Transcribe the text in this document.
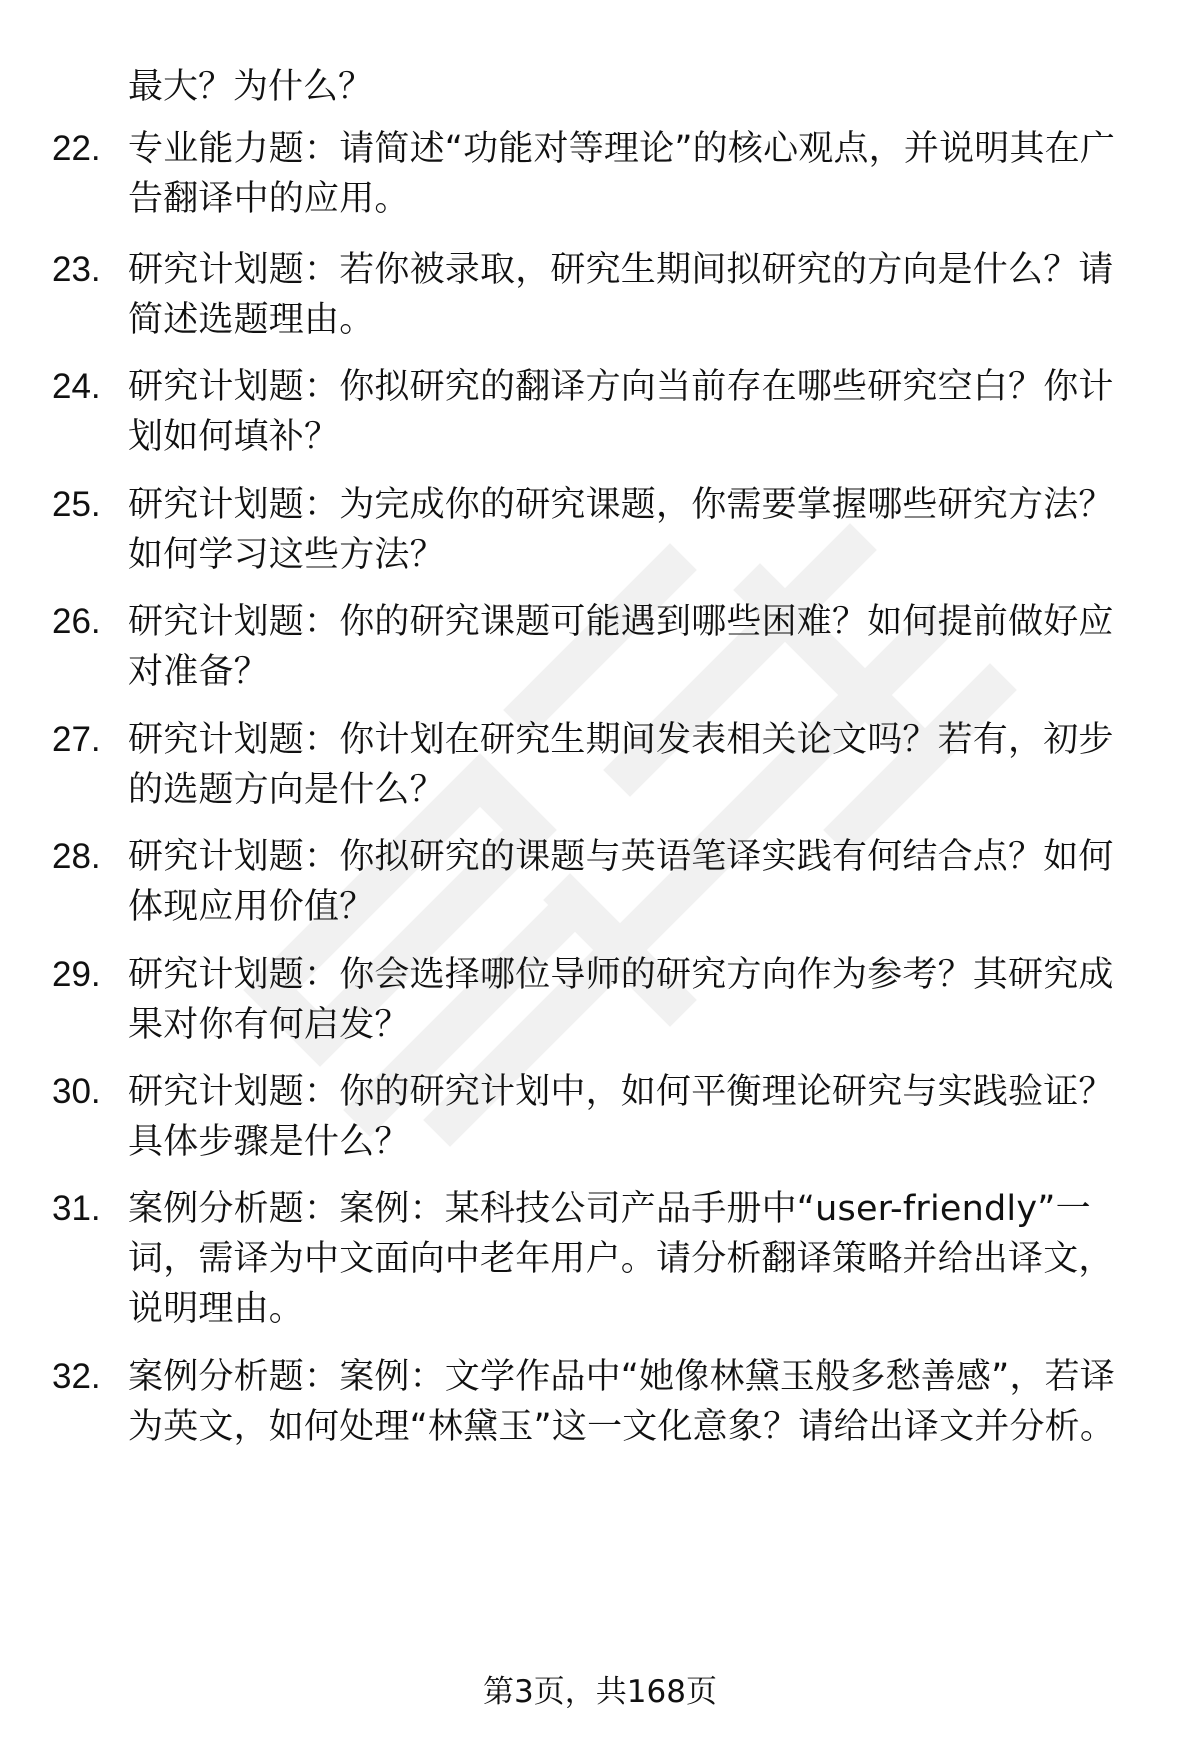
最大？为什么？
22. 专业能力题：请简述“功能对等理论”的核心观点，并说明其在广告翻译中的应用。
23. 研究计划题：若你被录取，研究生期间拟研究的方向是什么？请简述选题理由。
24. 研究计划题：你拟研究的翻译方向当前存在哪些研究空白？你计划如何填补？
25. 研究计划题：为完成你的研究课题，你需要掌握哪些研究方法？如何学习这些方法？
26. 研究计划题：你的研究课题可能遇到哪些困难？如何提前做好应对准备？
27. 研究计划题：你计划在研究生期间发表相关论文吗？若有，初步的选题方向是什么？
28. 研究计划题：你拟研究的课题与英语笔译实践有何结合点？如何体现应用价值？
29. 研究计划题：你会选择哪位导师的研究方向作为参考？其研究成果对你有何启发？
30. 研究计划题：你的研究计划中，如何平衡理论研究与实践验证？具体步骤是什么？
31. 案例分析题：案例：某科技公司产品手册中“user-friendly”一词，需译为中文面向中老年用户。请分析翻译策略并给出译文，说明理由。
32. 案例分析题：案例：文学作品中“她像林黛玉般多愁善感”，若译为英文，如何处理“林黛玉”这一文化意象？请给出译文并分析。
第3页，共168页
